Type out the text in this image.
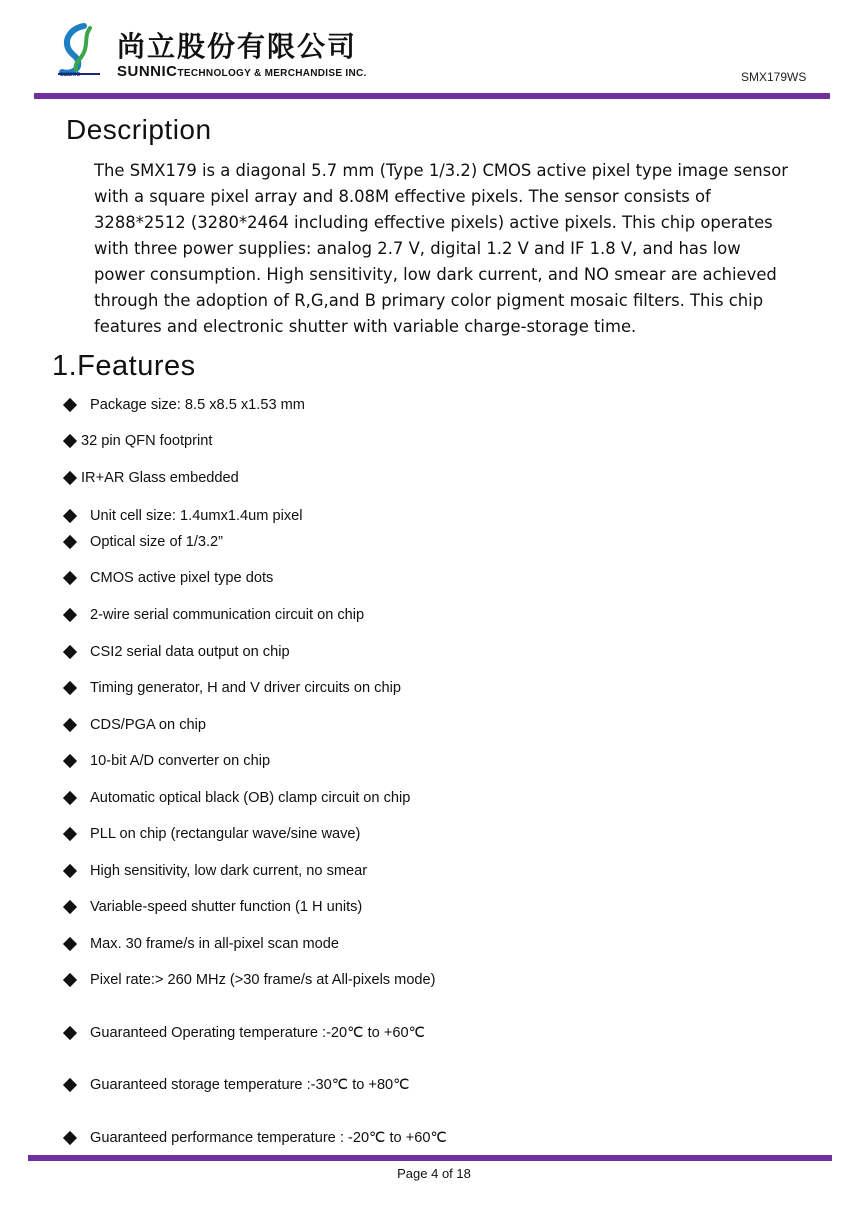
SUNNIC
尚立股份有限公司
SUNNICTECHNOLOGY & MERCHANDISE INC.	SMX179WS
Description
The SMX179 is a diagonal 5.7 mm (Type 1/3.2) CMOS active pixel type image sensor
with a square pixel array and 8.08M effective pixels. The sensor consists of
3288*2512 (3280*2464 including effective pixels) active pixels. This chip operates
with three power supplies: analog 2.7 V, digital 1.2 V and IF 1.8 V, and has low
power consumption. High sensitivity, low dark current, and NO smear are achieved
through the adoption of R,G,and B primary color pigment mosaic filters. This chip
features and electronic shutter with variable charge-storage time.
1.Features
Package size: 8.5 x8.5 x1.53 mm
32 pin QFN footprint
IR+AR Glass embedded
Unit cell size: 1.4umx1.4um pixel
Optical size of 1/3.2”
CMOS active pixel type dots
2-wire serial communication circuit on chip
CSI2 serial data output on chip
Timing generator, H and V driver circuits on chip
CDS/PGA on chip
10-bit A/D converter on chip
Automatic optical black (OB) clamp circuit on chip
PLL on chip (rectangular wave/sine wave)
High sensitivity, low dark current, no smear
Variable-speed shutter function (1 H units)
Max. 30 frame/s in all-pixel scan mode
Pixel rate:> 260 MHz (>30 frame/s at All-pixels mode)
Guaranteed Operating temperature :-20℃ to +60℃
Guaranteed storage temperature :-30℃ to +80℃
Guaranteed performance temperature : -20℃ to +60℃
Page 4 of 18
